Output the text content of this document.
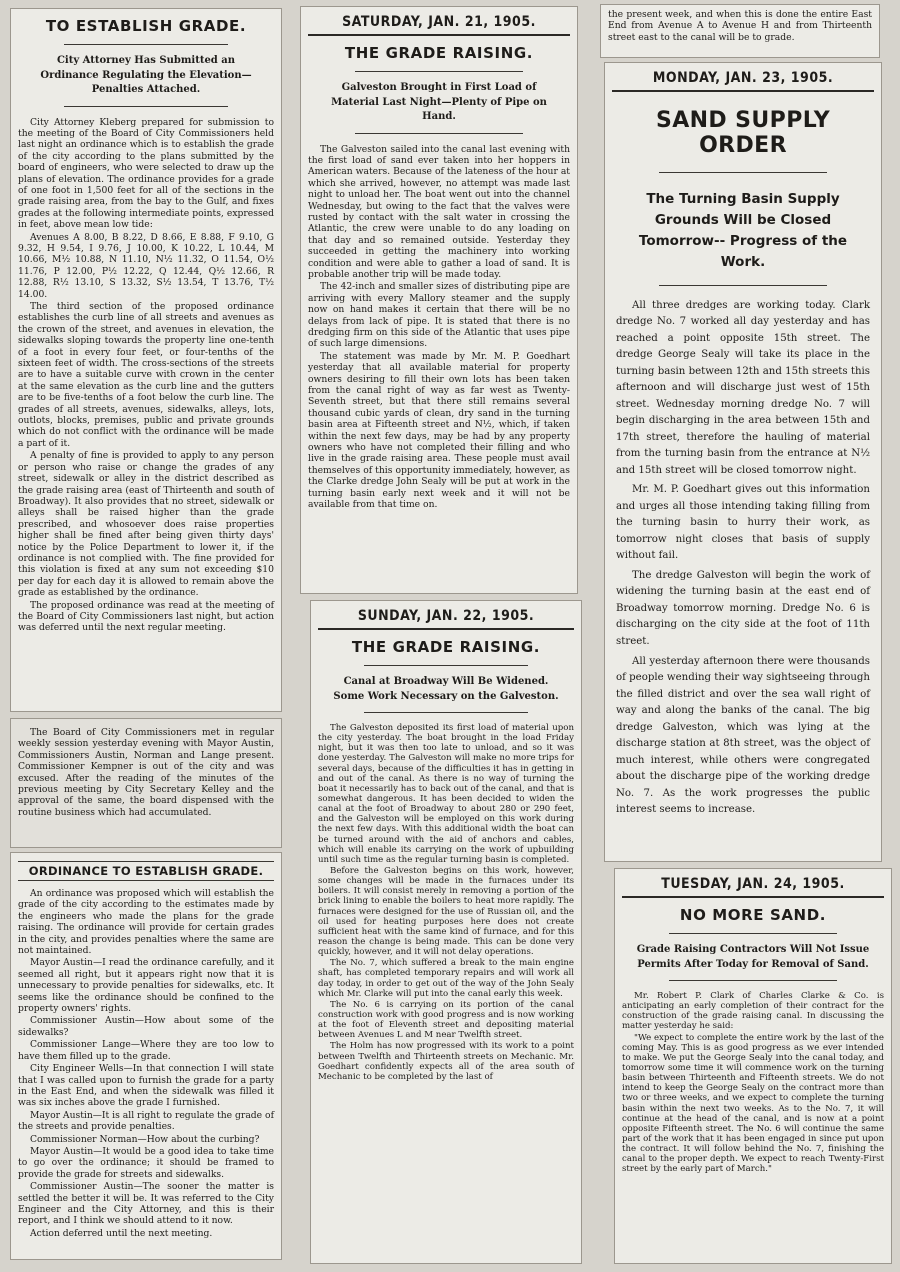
TO ESTABLISH GRADE.
City Attorney Has Submitted an Ordinance Regulating the Elevation—Penalties Attached.

City Attorney Kleberg prepared for submission to the meeting of the Board of City Commissioners held last night an ordinance which is to establish the grade of the city according to the plans submitted by the board of engineers, who were selected to draw up the plans of elevation. The ordinance provides for a grade of one foot in 1,500 feet for all of the sections in the grade raising area, from the bay to the Gulf, and fixes grades at the following intermediate points, expressed in feet, above mean low tide:

Avenues A 8.00, B 8.22, D 8.66, E 8.88, F 9.10, G 9.32, H 9.54, I 9.76, J 10.00, K 10.22, L 10.44, M 10.66, M½ 10.88, N 11.10, N½ 11.32, O 11.54, O½ 11.76, P 12.00, P½ 12.22, Q 12.44, Q½ 12.66, R 12.88, R½ 13.10, S 13.32, S½ 13.54, T 13.76, T½ 14.00.

The third section of the proposed ordinance establishes the curb line of all streets and avenues as the crown of the street, and avenues in elevation, the sidewalks sloping towards the property line one-tenth of a foot in every four feet, or four-tenths of the sixteen feet of width. The cross-sections of the streets are to have a suitable curve with crown in the center at the same elevation as the curb line and the gutters are to be five-tenths of a foot below the curb line. The grades of all streets, avenues, sidewalks, alleys, lots, outlots, blocks, premises, public and private grounds which do not conflict with the ordinance will be made a part of it.

A penalty of fine is provided to apply to any person or person who raise or change the grades of any street, sidewalk or alley in the district described as the grade raising area (east of Thirteenth and south of Broadway). It also provides that no street, sidewalk or alleys shall be raised higher than the grade prescribed, and whosoever does raise properties higher shall be fined after being given thirty days' notice by the Police Department to lower it, if the ordinance is not complied with. The fine provided for this violation is fixed at any sum not exceeding $10 per day for each day it is allowed to remain above the grade as established by the ordinance.

The proposed ordinance was read at the meeting of the Board of City Commissioners last night, but action was deferred until the next regular meeting.

The Board of City Commissioners met in regular weekly session yesterday evening with Mayor Austin, Commissioners Austin, Norman and Lange present. Commissioner Kempner is out of the city and was excused. After the reading of the minutes of the previous meeting by City Secretary Kelley and the approval of the same, the board dispensed with the routine business which had accumulated.

ORDINANCE TO ESTABLISH GRADE.

An ordinance was proposed which will establish the grade of the city according to the estimates made by the engineers who made the plans for the grade raising. The ordinance will provide for certain grades in the city, and provides penalties where the same are not maintained.

Mayor Austin—I read the ordinance carefully, and it seemed all right, but it appears right now that it is unnecessary to provide penalties for sidewalks, etc. It seems like the ordinance should be confined to the property owners' rights.

Commissioner Austin—How about some of the sidewalks?

Commissioner Lange—Where they are too low to have them filled up to the grade.

City Engineer Wells—In that connection I will state that I was called upon to furnish the grade for a party in the East End, and when the sidewalk was filled it was six inches above the grade I furnished.

Mayor Austin—It is all right to regulate the grade of the streets and provide penalties.

Commissioner Norman—How about the curbing?

Mayor Austin—It would be a good idea to take time to go over the ordinance; it should be framed to provide the grade for streets and sidewalks.

Commissioner Austin—The sooner the matter is settled the better it will be. It was referred to the City Engineer and the City Attorney, and this is their report, and I think we should attend to it now.

Action deferred until the next meeting.

SATURDAY, JAN. 21, 1905.
THE GRADE RAISING.
Galveston Brought in First Load of Material Last Night—Plenty of Pipe on Hand.

The Galveston sailed into the canal last evening with the first load of sand ever taken into her hoppers in American waters. Because of the lateness of the hour at which she arrived, however, no attempt was made last night to unload her. The boat went out into the channel Wednesday, but owing to the fact that the valves were rusted by contact with the salt water in crossing the Atlantic, the crew were unable to do any loading on that day and so remained outside. Yesterday they succeeded in getting the machinery into working condition and were able to gather a load of sand. It is probable another trip will be made today.

The 42-inch and smaller sizes of distributing pipe are arriving with every Mallory steamer and the supply now on hand makes it certain that there will be no delays from lack of pipe. It is stated that there is no dredging firm on this side of the Atlantic that uses pipe of such large dimensions.

The statement was made by Mr. M. P. Goedhart yesterday that all available material for property owners desiring to fill their own lots has been taken from the canal right of way as far west as Twenty-Seventh street, but that there still remains several thousand cubic yards of clean, dry sand in the turning basin area at Fifteenth street and N½, which, if taken within the next few days, may be had by any property owners who have not completed their filling and who live in the grade raising area. These people must avail themselves of this opportunity immediately, however, as the Clarke dredge John Sealy will be put at work in the turning basin early next week and it will not be available from that time on.

SUNDAY, JAN. 22, 1905.
THE GRADE RAISING.
Canal at Broadway Will Be Widened. Some Work Necessary on the Galveston.

The Galveston deposited its first load of material upon the city yesterday. The boat brought in the load Friday night, but it was then too late to unload, and so it was done yesterday. The Galveston will make no more trips for several days, because of the difficulties it has in getting in and out of the canal. As there is no way of turning the boat it necessarily has to back out of the canal, and that is somewhat dangerous. It has been decided to widen the canal at the foot of Broadway to about 280 or 290 feet, and the Galveston will be employed on this work during the next few days. With this additional width the boat can be turned around with the aid of anchors and cables, which will enable its carrying on the work of upbuilding until such time as the regular turning basin is completed.

Before the Galveston begins on this work, however, some changes will be made in the furnaces under its boilers. It will consist merely in removing a portion of the brick lining to enable the boilers to heat more rapidly. The furnaces were designed for the use of Russian oil, and the oil used for heating purposes here does not create sufficient heat with the same kind of furnace, and for this reason the change is being made. This can be done very quickly, however, and it will not delay operations.

The No. 7, which suffered a break to the main engine shaft, has completed temporary repairs and will work all day today, in order to get out of the way of the John Sealy which Mr. Clarke will put into the canal early this week.

The No. 6 is carrying on its portion of the canal construction work with good progress and is now working at the foot of Eleventh street and depositing material between Avenues L and M near Twelfth street.

The Holm has now progressed with its work to a point between Twelfth and Thirteenth streets on Mechanic. Mr. Goedhart confidently expects all of the area south of Mechanic to be completed by the last of

the present week, and when this is done the entire East End from Avenue A to Avenue H and from Thirteenth street east to the canal will be to grade.

MONDAY, JAN. 23, 1905.
SAND SUPPLY ORDER
The Turning Basin Supply Grounds Will be Closed Tomorrow-- Progress of the Work.

All three dredges are working today. Clark dredge No. 7 worked all day yesterday and has reached a point opposite 15th street. The dredge George Sealy will take its place in the turning basin between 12th and 15th streets this afternoon and will discharge just west of 15th street. Wednesday morning dredge No. 7 will begin discharging in the area between 15th and 17th street, therefore the hauling of material from the turning basin from the entrance at N½ and 15th street will be closed tomorrow night.

Mr. M. P. Goedhart gives out this information and urges all those intending taking filling from the turning basin to hurry their work, as tomorrow night closes that basis of supply without fail.

The dredge Galveston will begin the work of widening the turning basin at the east end of Broadway tomorrow morning. Dredge No. 6 is discharging on the city side at the foot of 11th street.

All yesterday afternoon there were thousands of people wending their way sightseeing through the filled district and over the sea wall right of way and along the banks of the canal. The big dredge Galveston, which was lying at the discharge station at 8th street, was the object of much interest, while others were congregated about the discharge pipe of the working dredge No. 7. As the work progresses the public interest seems to increase.

TUESDAY, JAN. 24, 1905.
NO MORE SAND.
Grade Raising Contractors Will Not Issue Permits After Today for Removal of Sand.

Mr. Robert P. Clark of Charles Clarke & Co. is anticipating an early completion of their contract for the construction of the grade raising canal. In discussing the matter yesterday he said:

"We expect to complete the entire work by the last of the coming May. This is as good progress as we ever intended to make. We put the George Sealy into the canal today, and tomorrow some time it will commence work on the turning basin between Thirteenth and Fifteenth streets. We do not intend to keep the George Sealy on the contract more than two or three weeks, and we expect to complete the turning basin within the next two weeks. As to the No. 7, it will continue at the head of the canal, and is now at a point opposite Fifteenth street. The No. 6 will continue the same part of the work that it has been engaged in since put upon the contract. It will follow behind the No. 7, finishing the canal to the proper depth. We expect to reach Twenty-First street by the early part of March."
